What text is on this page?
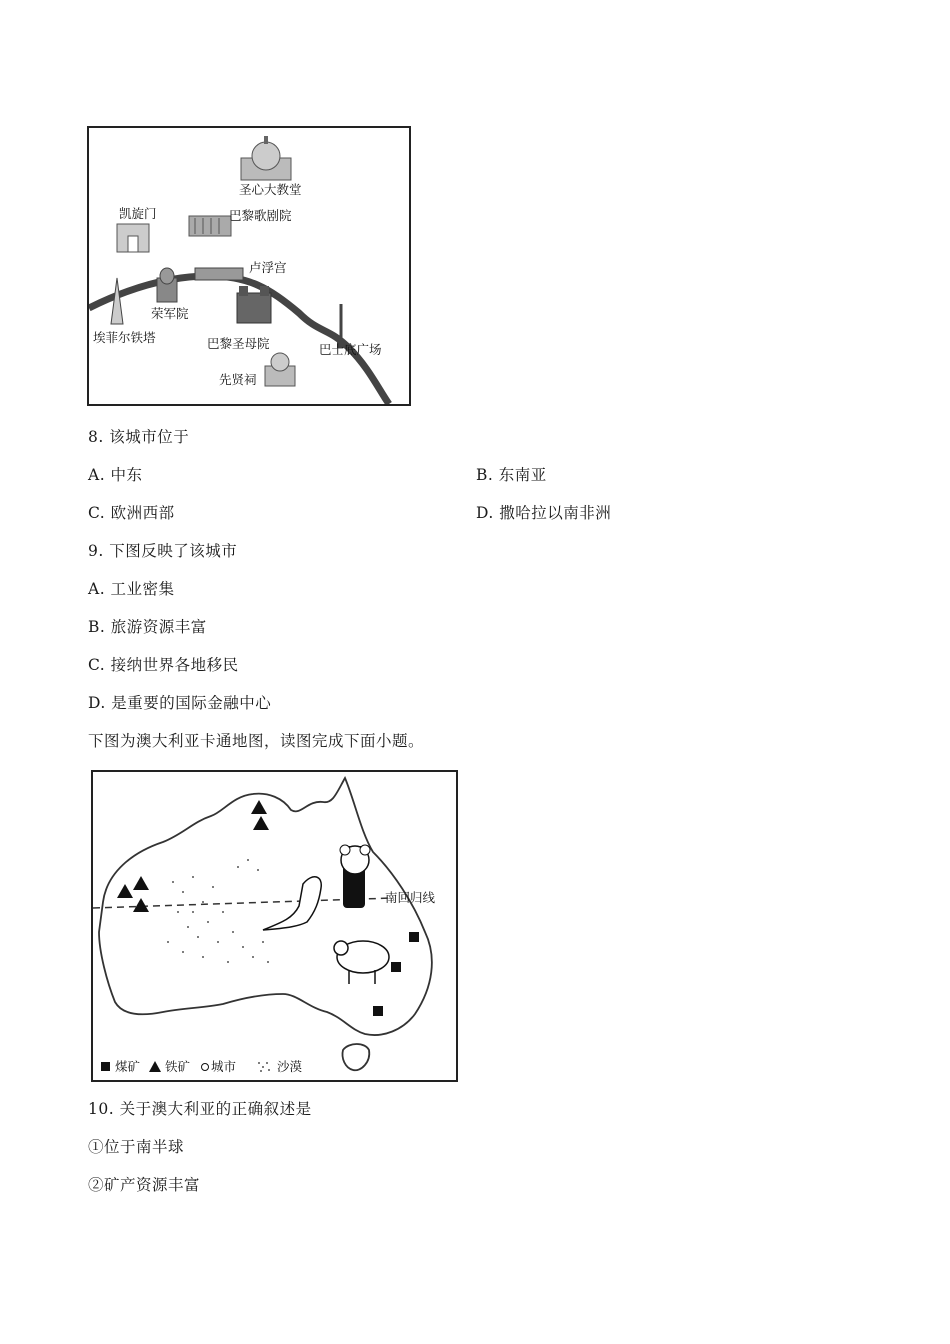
圣心大教堂
凯旋门	巴黎歌剧院
卢浮宫
荣军院
埃菲尔铁塔	巴黎圣母院	巴士底广场
先贤祠
8. 该城市位于
A. 中东	B. 东南亚
C. 欧洲西部	D. 撒哈拉以南非洲
9. 下图反映了该城市
A. 工业密集
B. 旅游资源丰富
C. 接纳世界各地移民
D. 是重要的国际金融中心
下图为澳大利亚卡通地图，读图完成下面小题。
南回归线
煤矿 铁矿 城市	沙漠
10. 关于澳大利亚的正确叙述是
①位于南半球
②矿产资源丰富
